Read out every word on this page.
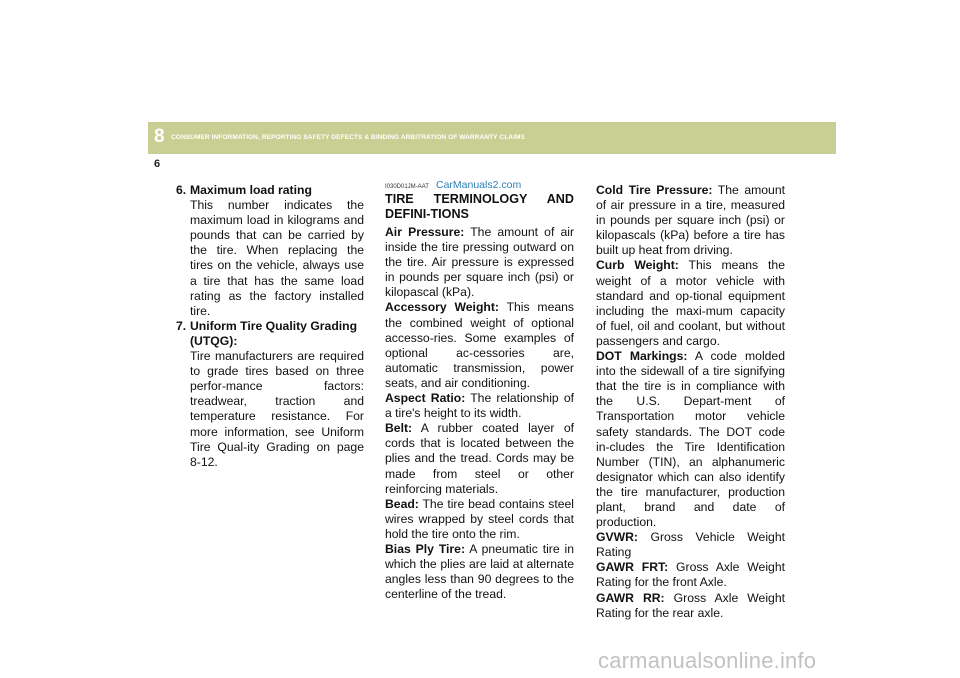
8 CONSUMER INFORMATION, REPORTING SAFETY DEFECTS & BINDING ARBITRATION OF WARRANTY CLAIMS
6
6. Maximum load rating
This number indicates the maximum load in kilograms and pounds that can be carried by the tire. When replacing the tires on the vehicle, always use a tire that has the same load rating as the factory installed tire.
7. Uniform Tire Quality Grading (UTQG):
Tire manufacturers are required to grade tires based on three perfor-mance factors: treadwear, traction and temperature resistance. For more information, see Uniform Tire Qual-ity Grading on page 8-12.
I030D01JM-AAT CarManuals2.com

TIRE TERMINOLOGY AND DEFINI-TIONS

Air Pressure: The amount of air inside the tire pressing outward on the tire. Air pressure is expressed in pounds per square inch (psi) or kilopascal (kPa).

Accessory Weight: This means the combined weight of optional accesso-ries. Some examples of optional ac-cessories are, automatic transmission, power seats, and air conditioning.

Aspect Ratio: The relationship of a tire's height to its width.

Belt: A rubber coated layer of cords that is located between the plies and the tread. Cords may be made from steel or other reinforcing materials.

Bead: The tire bead contains steel wires wrapped by steel cords that hold the tire onto the rim.

Bias Ply Tire: A pneumatic tire in which the plies are laid at alternate angles less than 90 degrees to the centerline of the tread.

Cold Tire Pressure: The amount of air pressure in a tire, measured in pounds per square inch (psi) or kilopascals (kPa) before a tire has built up heat from driving.

Curb Weight: This means the weight of a motor vehicle with standard and op-tional equipment including the maxi-mum capacity of fuel, oil and coolant, but without passengers and cargo.

DOT Markings: A code molded into the sidewall of a tire signifying that the tire is in compliance with the U.S. Depart-ment of Transportation motor vehicle safety standards. The DOT code in-cludes the Tire Identification Number (TIN), an alphanumeric designator which can also identify the tire manufacturer, production plant, brand and date of production.

GVWR: Gross Vehicle Weight Rating

GAWR FRT: Gross Axle Weight Rating for the front Axle.

GAWR RR: Gross Axle Weight Rating for the rear axle.

carmanualsonline.info
